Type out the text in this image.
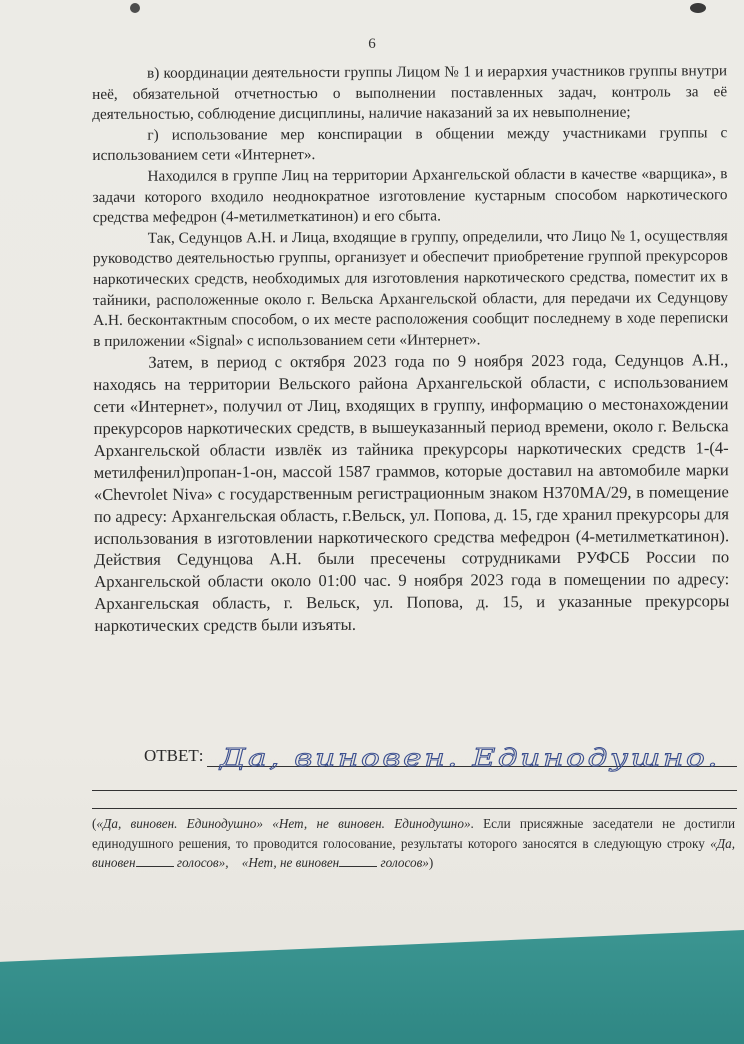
6

в) координации деятельности группы Лицом № 1 и иерархия участников группы внутри неё, обязательной отчетностью о выполнении поставленных задач, контроль за её деятельностью, соблюдение дисциплины, наличие наказаний за их невыполнение;

г) использование мер конспирации в общении между участниками группы с использованием сети «Интернет».

Находился в группе Лиц на территории Архангельской области в качестве «варщика», в задачи которого входило неоднократное изготовление кустарным способом наркотического средства мефедрон (4-метилметкатинон) и его сбыта.

Так, Седунцов А.Н. и Лица, входящие в группу, определили, что Лицо № 1, осуществляя руководство деятельностью группы, организует и обеспечит приобретение группой прекурсоров наркотических средств, необходимых для изготовления наркотического средства, поместит их в тайники, расположенные около г. Вельска Архангельской области, для передачи их Седунцову А.Н. бесконтактным способом, о их месте расположения сообщит последнему в ходе переписки в приложении «Signal» с использованием сети «Интернет».

Затем, в период с октября 2023 года по 9 ноября 2023 года, Седунцов А.Н., находясь на территории Вельского района Архангельской области, с использованием сети «Интернет», получил от Лиц, входящих в группу, информацию о местонахождении прекурсоров наркотических средств, в вышеуказанный период времени, около г. Вельска Архангельской области извлёк из тайника прекурсоры наркотических средств 1-(4-метилфенил)пропан-1-он, массой 1587 граммов, которые доставил на автомобиле марки «Chevrolet Niva» с государственным регистрационным знаком Н370МА/29, в помещение по адресу: Архангельская область, г.Вельск, ул. Попова, д. 15, где хранил прекурсоры для использования в изготовлении наркотического средства мефедрон (4-метилметкатинон). Действия Седунцова А.Н. были пресечены сотрудниками РУФСБ России по Архангельской области около 01:00 час. 9 ноября 2023 года в помещении по адресу: Архангельская область, г. Вельск, ул. Попова, д. 15, и указанные прекурсоры наркотических средств были изъяты.

ОТВЕТ: Да, виновен. Единодушно.
(«Да, виновен. Единодушно» «Нет, не виновен. Единодушно». Если присяжные заседатели не достигли единодушного решения, то проводится голосование, результаты которого заносятся в следующую строку «Да, виновен	голосов», «Нет, не виновен	голосов»)
